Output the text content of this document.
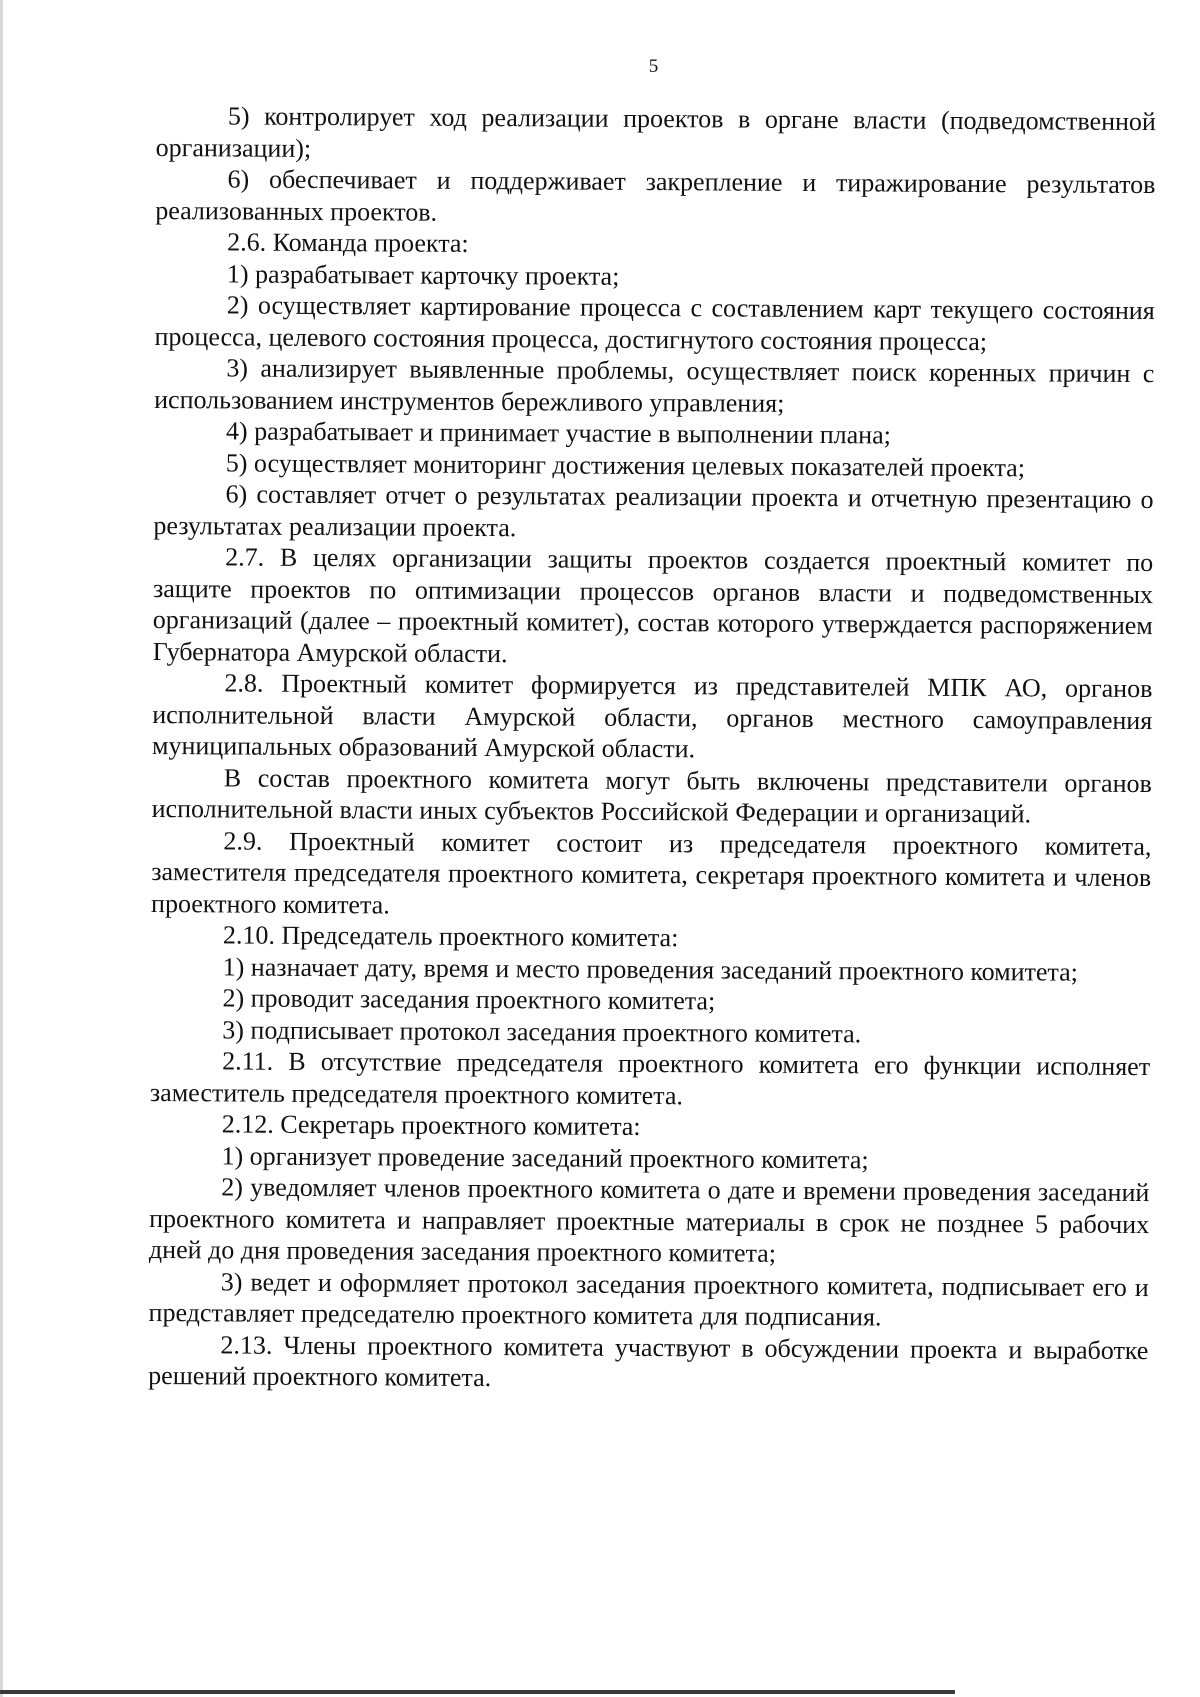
5

5) контролирует ход реализации проектов в органе власти (подведомственной организации);

6) обеспечивает и поддерживает закрепление и тиражирование результатов реализованных проектов.

2.6. Команда проекта:

1) разрабатывает карточку проекта;

2) осуществляет картирование процесса с составлением карт текущего состояния процесса, целевого состояния процесса, достигнутого состояния процесса;

3) анализирует выявленные проблемы, осуществляет поиск коренных причин с использованием инструментов бережливого управления;

4) разрабатывает и принимает участие в выполнении плана;

5) осуществляет мониторинг достижения целевых показателей проекта;

6) составляет отчет о результатах реализации проекта и отчетную презентацию о результатах реализации проекта.

2.7. В целях организации защиты проектов создается проектный комитет по защите проектов по оптимизации процессов органов власти и подведомственных организаций (далее – проектный комитет), состав которого утверждается распоряжением Губернатора Амурской области.

2.8. Проектный комитет формируется из представителей МПК АО, органов исполнительной власти Амурской области, органов местного самоуправления муниципальных образований Амурской области.

В состав проектного комитета могут быть включены представители органов исполнительной власти иных субъектов Российской Федерации и организаций.

2.9. Проектный комитет состоит из председателя проектного комитета, заместителя председателя проектного комитета, секретаря проектного комитета и членов проектного комитета.

2.10. Председатель проектного комитета:

1) назначает дату, время и место проведения заседаний проектного комитета;

2) проводит заседания проектного комитета;

3) подписывает протокол заседания проектного комитета.

2.11. В отсутствие председателя проектного комитета его функции исполняет заместитель председателя проектного комитета.

2.12. Секретарь проектного комитета:

1) организует проведение заседаний проектного комитета;

2) уведомляет членов проектного комитета о дате и времени проведения заседаний проектного комитета и направляет проектные материалы в срок не позднее 5 рабочих дней до дня проведения заседания проектного комитета;

3) ведет и оформляет протокол заседания проектного комитета, подписывает его и представляет председателю проектного комитета для подписания.

2.13. Члены проектного комитета участвуют в обсуждении проекта и выработке решений проектного комитета.
